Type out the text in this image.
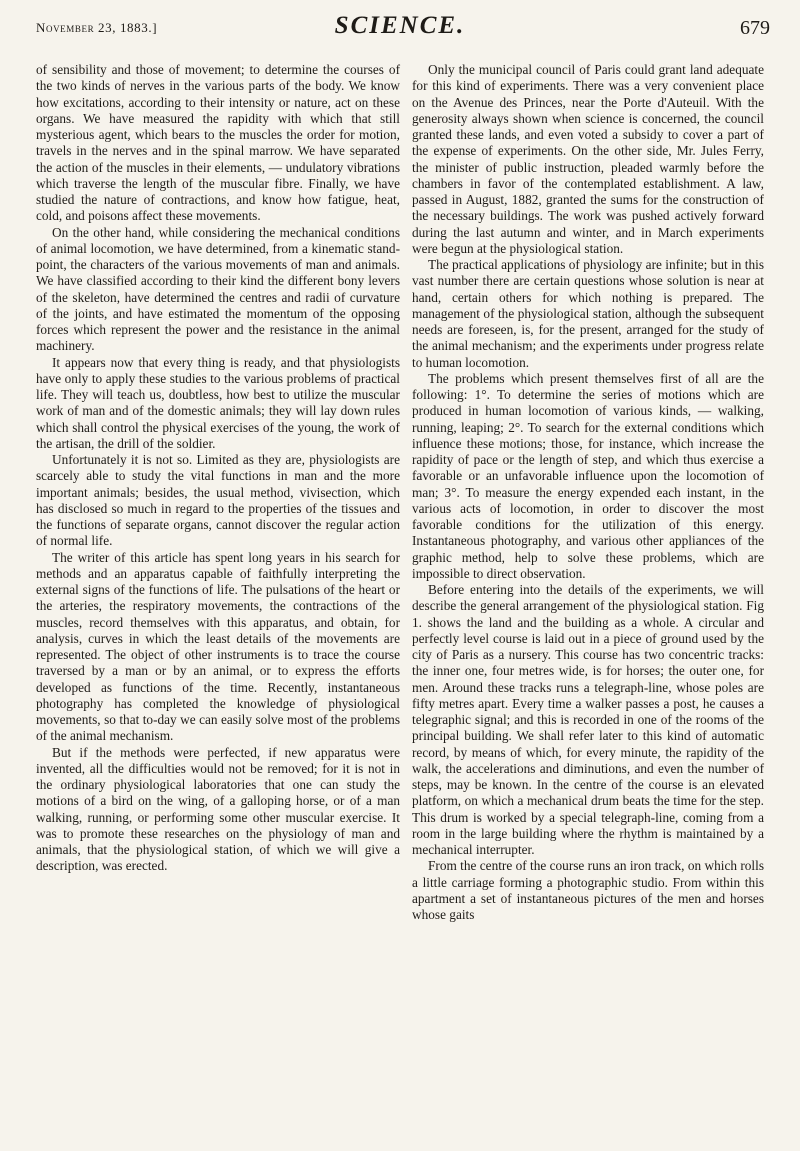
November 23, 1883.]	SCIENCE.	679

of sensibility and those of movement; to determine the courses of the two kinds of nerves in the various parts of the body. We know how excitations, according to their intensity or nature, act on these organs. We have measured the rapidity with which that still mysterious agent, which bears to the muscles the order for motion, travels in the nerves and in the spinal marrow. We have separated the action of the muscles in their elements, — undulatory vibrations which traverse the length of the muscular fibre. Finally, we have studied the nature of contractions, and know how fatigue, heat, cold, and poisons affect these movements.

On the other hand, while considering the mechanical conditions of animal locomotion, we have determined, from a kinematic stand-point, the characters of the various movements of man and animals. We have classified according to their kind the different bony levers of the skeleton, have determined the centres and radii of curvature of the joints, and have estimated the momentum of the opposing forces which represent the power and the resistance in the animal machinery.

It appears now that every thing is ready, and that physiologists have only to apply these studies to the various problems of practical life. They will teach us, doubtless, how best to utilize the muscular work of man and of the domestic animals; they will lay down rules which shall control the physical exercises of the young, the work of the artisan, the drill of the soldier.

Unfortunately it is not so. Limited as they are, physiologists are scarcely able to study the vital functions in man and the more important animals; besides, the usual method, vivisection, which has disclosed so much in regard to the properties of the tissues and the functions of separate organs, cannot discover the regular action of normal life.

The writer of this article has spent long years in his search for methods and an apparatus capable of faithfully interpreting the external signs of the functions of life. The pulsations of the heart or the arteries, the respiratory movements, the contractions of the muscles, record themselves with this apparatus, and obtain, for analysis, curves in which the least details of the movements are represented. The object of other instruments is to trace the course traversed by a man or by an animal, or to express the efforts developed as functions of the time. Recently, instantaneous photography has completed the knowledge of physiological movements, so that to-day we can easily solve most of the problems of the animal mechanism.

But if the methods were perfected, if new apparatus were invented, all the difficulties would not be removed; for it is not in the ordinary physiological laboratories that one can study the motions of a bird on the wing, of a galloping horse, or of a man walking, running, or performing some other muscular exercise. It was to promote these researches on the physiology of man and animals, that the physiological station, of which we will give a description, was erected.

Only the municipal council of Paris could grant land adequate for this kind of experiments. There was a very convenient place on the Avenue des Princes, near the Porte d'Auteuil. With the generosity always shown when science is concerned, the council granted these lands, and even voted a subsidy to cover a part of the expense of experiments. On the other side, Mr. Jules Ferry, the minister of public instruction, pleaded warmly before the chambers in favor of the contemplated establishment. A law, passed in August, 1882, granted the sums for the construction of the necessary buildings. The work was pushed actively forward during the last autumn and winter, and in March experiments were begun at the physiological station.

The practical applications of physiology are infinite; but in this vast number there are certain questions whose solution is near at hand, certain others for which nothing is prepared. The management of the physiological station, although the subsequent needs are foreseen, is, for the present, arranged for the study of the animal mechanism; and the experiments under progress relate to human locomotion.

The problems which present themselves first of all are the following: 1°. To determine the series of motions which are produced in human locomotion of various kinds, — walking, running, leaping; 2°. To search for the external conditions which influence these motions; those, for instance, which increase the rapidity of pace or the length of step, and which thus exercise a favorable or an unfavorable influence upon the locomotion of man; 3°. To measure the energy expended each instant, in the various acts of locomotion, in order to discover the most favorable conditions for the utilization of this energy. Instantaneous photography, and various other appliances of the graphic method, help to solve these problems, which are impossible to direct observation.

Before entering into the details of the experiments, we will describe the general arrangement of the physiological station. Fig 1. shows the land and the building as a whole. A circular and perfectly level course is laid out in a piece of ground used by the city of Paris as a nursery. This course has two concentric tracks: the inner one, four metres wide, is for horses; the outer one, for men. Around these tracks runs a telegraph-line, whose poles are fifty metres apart. Every time a walker passes a post, he causes a telegraphic signal; and this is recorded in one of the rooms of the principal building. We shall refer later to this kind of automatic record, by means of which, for every minute, the rapidity of the walk, the accelerations and diminutions, and even the number of steps, may be known. In the centre of the course is an elevated platform, on which a mechanical drum beats the time for the step. This drum is worked by a special telegraph-line, coming from a room in the large building where the rhythm is maintained by a mechanical interrupter.

From the centre of the course runs an iron track, on which rolls a little carriage forming a photographic studio. From within this apartment a set of instantaneous pictures of the men and horses whose gaits
